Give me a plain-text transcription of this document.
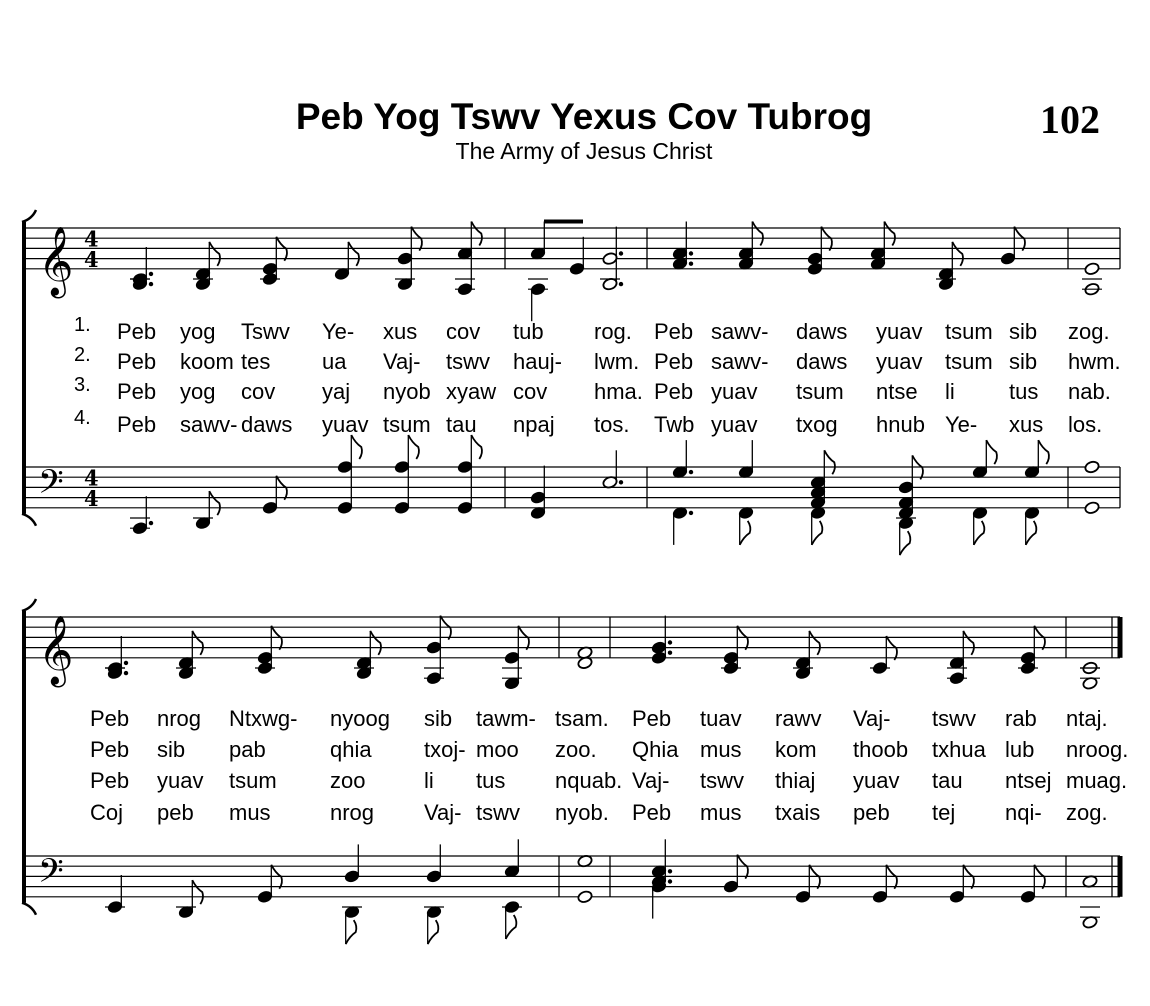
Peb Yog Tswv Yexus Cov Tubrog
The Army of Jesus Christ
102
𝄞
𝄢
4
4
4
4
𝄞
𝄢
1.
2.
3.
4.
Peb yog Tswv Ye- xus cov tub rog. Peb sawv- daws yuav tsum sib zog.
Peb koom tes ua Vaj- tswv hauj- lwm. Peb sawv- daws yuav tsum sib hwm.
Peb yog cov yaj nyob xyaw cov hma. Peb yuav tsum ntse li tus nab.
Peb sawv- daws yuav tsum tau npaj tos. Twb yuav txog hnub Ye- xus los.
Peb nrog Ntxwg- nyoog sib tawm- tsam. Peb tuav rawv Vaj- tswv rab ntaj.
Peb sib pab	qhia txoj- moo zoo. Qhia mus kom thoob txhua lub nroog.
Peb yuav tsum zoo	li tus nquab. Vaj- tswv thiaj yuav tau ntsej muag.
Coj peb mus	nrog Vaj- tswv nyob. Peb mus txais peb tej nqi- zog.
